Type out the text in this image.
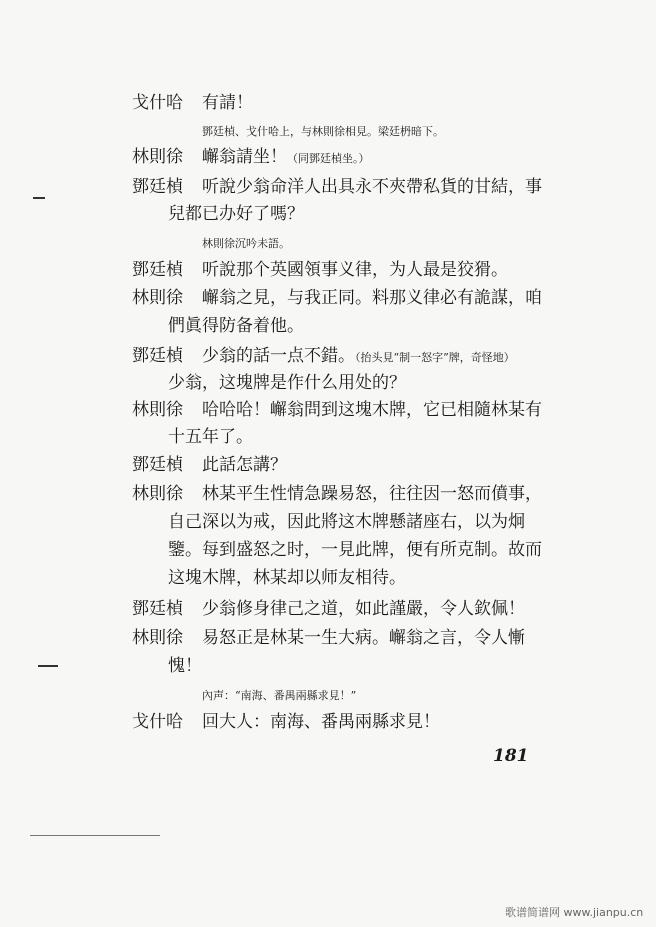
戈什哈 有請！
鄧廷楨、戈什哈上，与林則徐相見。梁廷枬暗下。
林則徐 嶰翁請坐！（同鄧廷楨坐。）
鄧廷楨 听說少翁命洋人出具永不夾帶私貨的甘結，事
兒都已办好了嗎？
林則徐沉吟未語。
鄧廷楨 听說那个英國領事义律，为人最是狡猾。
林則徐 嶰翁之見，与我正同。料那义律必有詭謀，咱
們眞得防备着他。
鄧廷楨 少翁的話一点不錯。（抬头見“制一怒字”牌，奇怪地）
少翁，这塊牌是作什么用处的？
林則徐 哈哈哈！嶰翁問到这塊木牌，它已相隨林某有
十五年了。
鄧廷楨 此話怎講？
林則徐 林某平生性情急躁易怒，往往因一怒而僨事，
自己深以为戒，因此將这木牌懸諸座右，以为炯
鑒。每到盛怒之时，一見此牌，便有所克制。故而
这塊木牌，林某却以师友相待。
鄧廷楨 少翁修身律己之道，如此謹嚴，令人欽佩！
林則徐 易怒正是林某一生大病。嶰翁之言，令人慚
愧！
內声：“南海、番禺兩縣求見！”
戈什哈 回大人：南海、番禺兩縣求見！
181
歌谱简谱网 www.jianpu.cn
